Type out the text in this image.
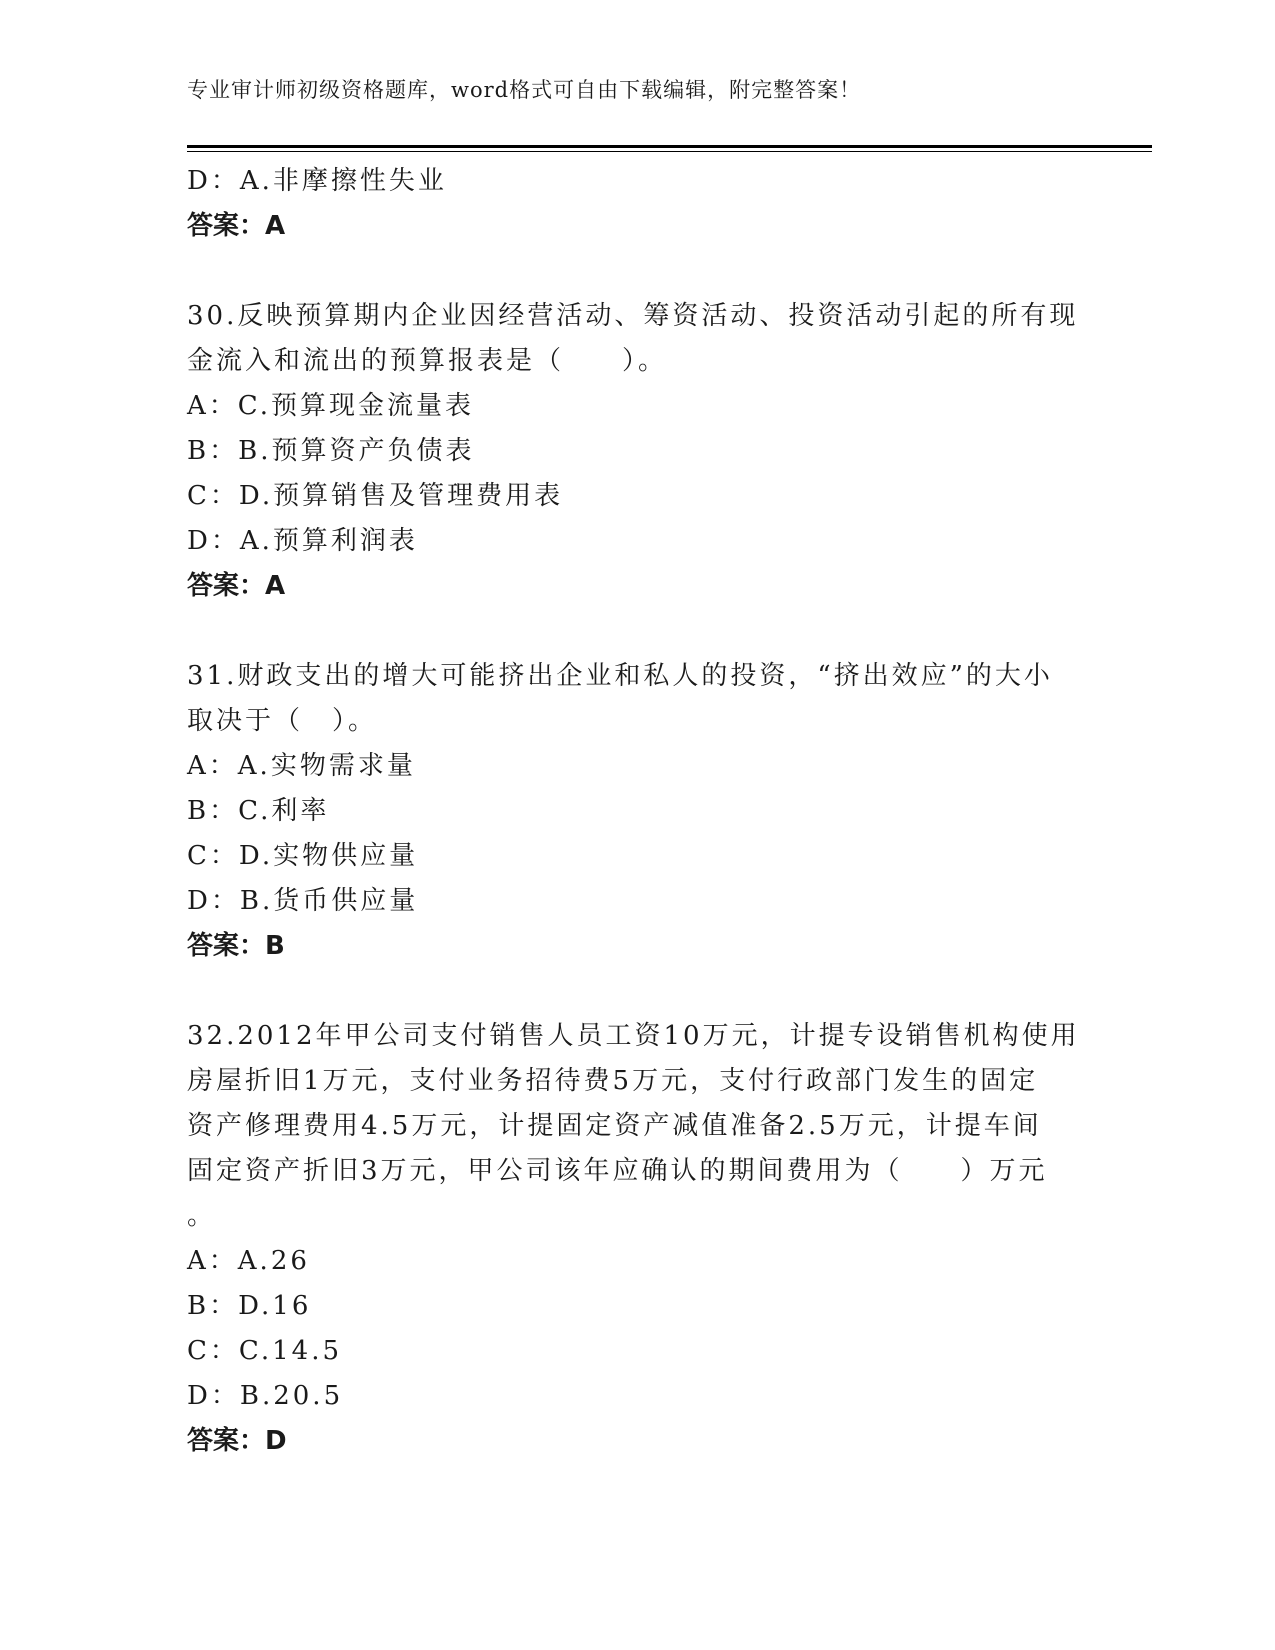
专业审计师初级资格题库，word格式可自由下载编辑，附完整答案！
D：A.非摩擦性失业
答案：A
30.反映预算期内企业因经营活动、筹资活动、投资活动引起的所有现
金流入和流出的预算报表是（　　）。
A：C.预算现金流量表
B：B.预算资产负债表
C：D.预算销售及管理费用表
D：A.预算利润表
答案：A
31.财政支出的增大可能挤出企业和私人的投资，“挤出效应”的大小
取决于（　）。
A：A.实物需求量
B：C.利率
C：D.实物供应量
D：B.货币供应量
答案：B
32.2012年甲公司支付销售人员工资10万元，计提专设销售机构使用
房屋折旧1万元，支付业务招待费5万元，支付行政部门发生的固定
资产修理费用4.5万元，计提固定资产减值准备2.5万元，计提车间
固定资产折旧3万元，甲公司该年应确认的期间费用为（　　）万元
。
A：A.26
B：D.16
C：C.14.5
D：B.20.5
答案：D
